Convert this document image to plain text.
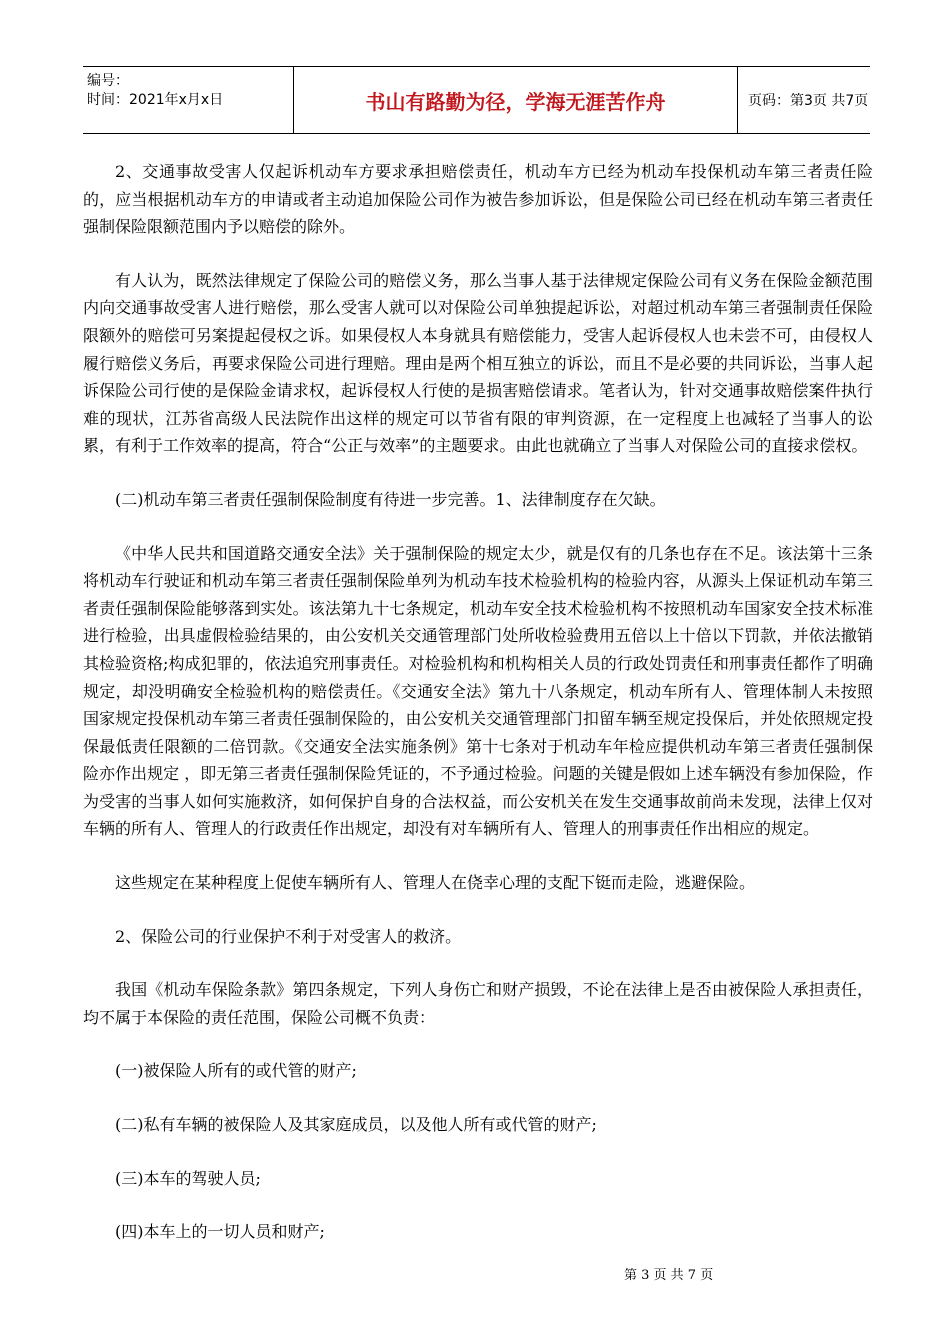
编号：
时间：2021年x月x日	书山有路勤为径，学海无涯苦作舟	页码：第3页 共7页

2、交通事故受害人仅起诉机动车方要求承担赔偿责任，机动车方已经为机动车投保机动车第三者责任险的，应当根据机动车方的申请或者主动追加保险公司作为被告参加诉讼，但是保险公司已经在机动车第三者责任强制保险限额范围内予以赔偿的除外。

有人认为，既然法律规定了保险公司的赔偿义务，那么当事人基于法律规定保险公司有义务在保险金额范围内向交通事故受害人进行赔偿，那么受害人就可以对保险公司单独提起诉讼，对超过机动车第三者强制责任保险限额外的赔偿可另案提起侵权之诉。如果侵权人本身就具有赔偿能力，受害人起诉侵权人也未尝不可，由侵权人履行赔偿义务后，再要求保险公司进行理赔。理由是两个相互独立的诉讼，而且不是必要的共同诉讼，当事人起诉保险公司行使的是保险金请求权，起诉侵权人行使的是损害赔偿请求。笔者认为，针对交通事故赔偿案件执行难的现状，江苏省高级人民法院作出这样的规定可以节省有限的审判资源，在一定程度上也减轻了当事人的讼累，有利于工作效率的提高，符合“公正与效率”的主题要求。由此也就确立了当事人对保险公司的直接求偿权。

(二)机动车第三者责任强制保险制度有待进一步完善。1、法律制度存在欠缺。

《中华人民共和国道路交通安全法》关于强制保险的规定太少，就是仅有的几条也存在不足。该法第十三条将机动车行驶证和机动车第三者责任强制保险单列为机动车技术检验机构的检验内容，从源头上保证机动车第三者责任强制保险能够落到实处。该法第九十七条规定，机动车安全技术检验机构不按照机动车国家安全技术标准进行检验，出具虚假检验结果的，由公安机关交通管理部门处所收检验费用五倍以上十倍以下罚款，并依法撤销其检验资格;构成犯罪的，依法追究刑事责任。对检验机构和机构相关人员的行政处罚责任和刑事责任都作了明确规定，却没明确安全检验机构的赔偿责任。《交通安全法》第九十八条规定，机动车所有人、管理体制人未按照国家规定投保机动车第三者责任强制保险的，由公安机关交通管理部门扣留车辆至规定投保后，并处依照规定投保最低责任限额的二倍罚款。《交通安全法实施条例》第十七条对于机动车年检应提供机动车第三者责任强制保险亦作出规定 ，即无第三者责任强制保险凭证的，不予通过检验。问题的关键是假如上述车辆没有参加保险，作为受害的当事人如何实施救济，如何保护自身的合法权益，而公安机关在发生交通事故前尚未发现，法律上仅对车辆的所有人、管理人的行政责任作出规定，却没有对车辆所有人、管理人的刑事责任作出相应的规定。

这些规定在某种程度上促使车辆所有人、管理人在侥幸心理的支配下铤而走险，逃避保险。

2、保险公司的行业保护不利于对受害人的救济。

我国《机动车保险条款》第四条规定，下列人身伤亡和财产损毁，不论在法律上是否由被保险人承担责任，均不属于本保险的责任范围，保险公司概不负责：

(一)被保险人所有的或代管的财产;

(二)私有车辆的被保险人及其家庭成员，以及他人所有或代管的财产;

(三)本车的驾驶人员;

(四)本车上的一切人员和财产;

第 3 页 共 7 页
